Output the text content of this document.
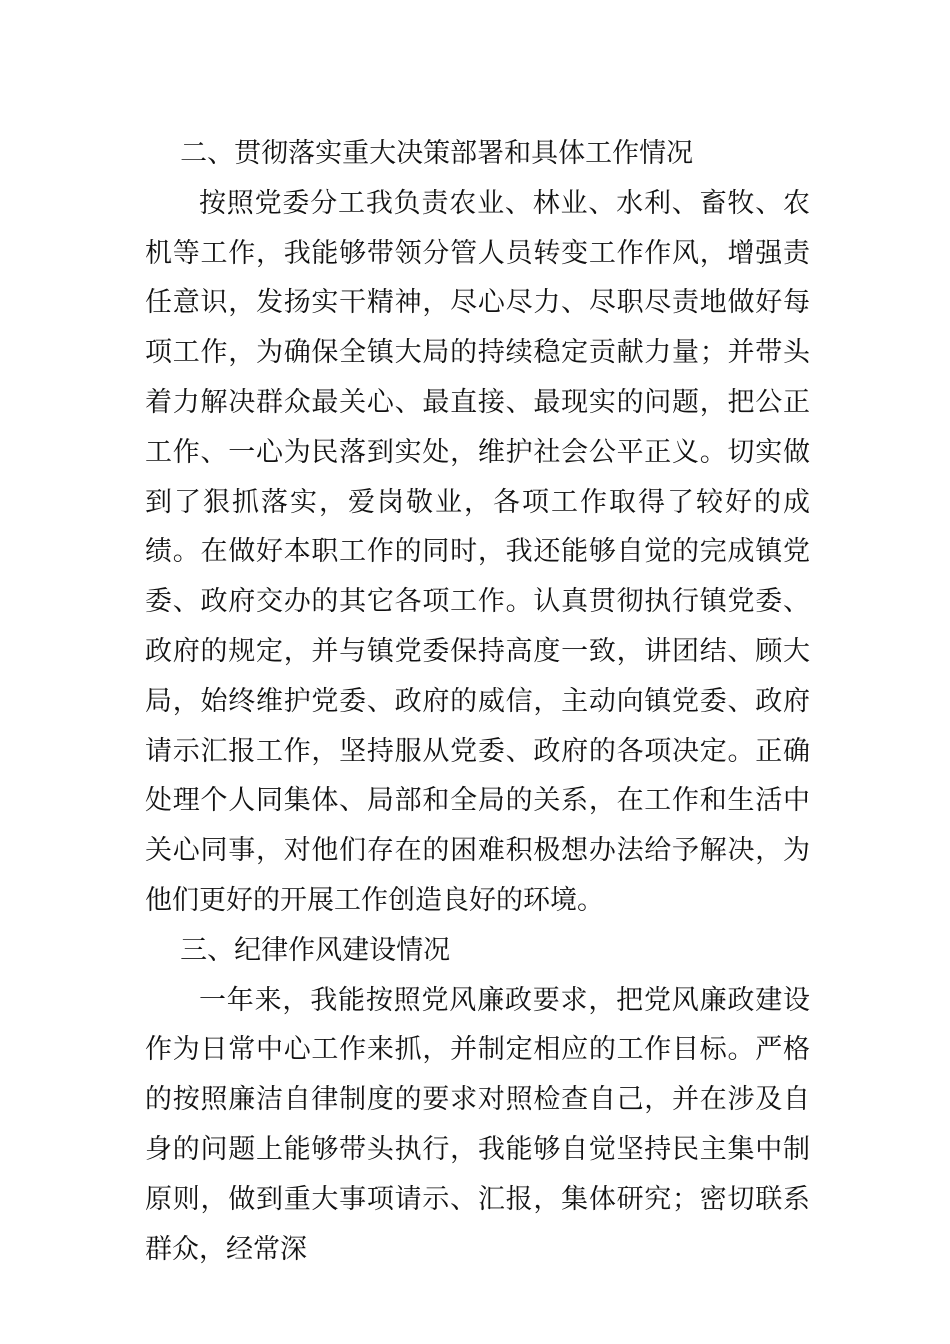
二、贯彻落实重大决策部署和具体工作情况

按照党委分工我负责农业、林业、水利、畜牧、农机等工作，我能够带领分管人员转变工作作风，增强责任意识，发扬实干精神，尽心尽力、尽职尽责地做好每项工作，为确保全镇大局的持续稳定贡献力量；并带头着力解决群众最关心、最直接、最现实的问题，把公正工作、一心为民落到实处，维护社会公平正义。切实做到了狠抓落实，爱岗敬业，各项工作取得了较好的成绩。在做好本职工作的同时，我还能够自觉的完成镇党委、政府交办的其它各项工作。认真贯彻执行镇党委、政府的规定，并与镇党委保持高度一致，讲团结、顾大局，始终维护党委、政府的威信，主动向镇党委、政府请示汇报工作，坚持服从党委、政府的各项决定。正确处理个人同集体、局部和全局的关系，在工作和生活中关心同事，对他们存在的困难积极想办法给予解决，为他们更好的开展工作创造良好的环境。

三、纪律作风建设情况

一年来，我能按照党风廉政要求，把党风廉政建设作为日常中心工作来抓，并制定相应的工作目标。严格的按照廉洁自律制度的要求对照检查自己，并在涉及自身的问题上能够带头执行，我能够自觉坚持民主集中制原则，做到重大事项请示、汇报，集体研究；密切联系群众，经常深
